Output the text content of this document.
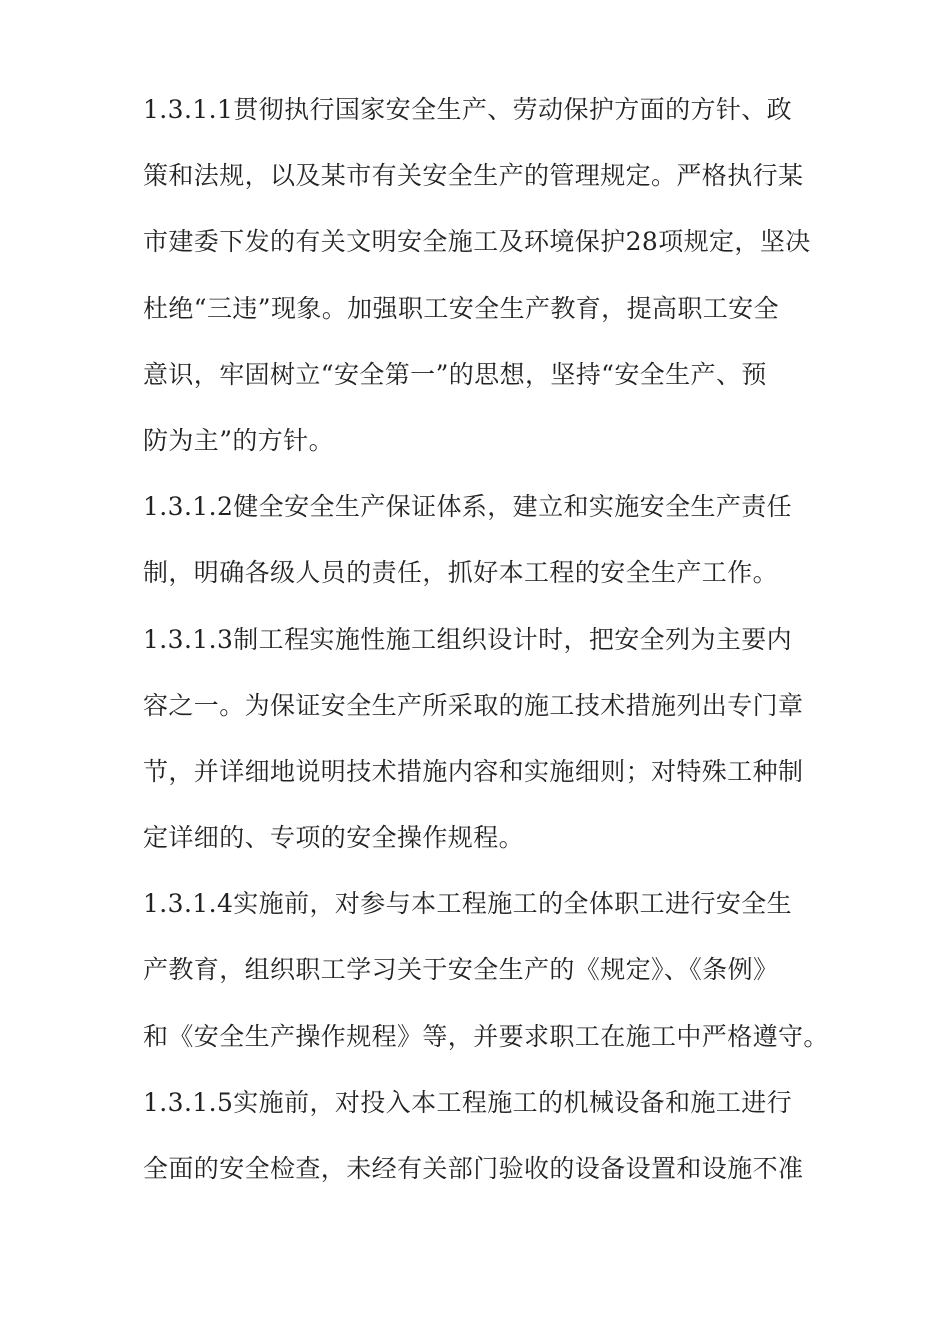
1.3.1.1贯彻执行国家安全生产、劳动保护方面的方针、政
策和法规，以及某市有关安全生产的管理规定。严格执行某
市建委下发的有关文明安全施工及环境保护28项规定，坚决
杜绝“三违”现象。加强职工安全生产教育，提高职工安全
意识，牢固树立“安全第一”的思想，坚持“安全生产、预
防为主”的方针。
1.3.1.2健全安全生产保证体系，建立和实施安全生产责任
制，明确各级人员的责任，抓好本工程的安全生产工作。
1.3.1.3制工程实施性施工组织设计时，把安全列为主要内
容之一。为保证安全生产所采取的施工技术措施列出专门章
节，并详细地说明技术措施内容和实施细则；对特殊工种制
定详细的、专项的安全操作规程。
1.3.1.4实施前，对参与本工程施工的全体职工进行安全生
产教育，组织职工学习关于安全生产的《规定》、《条例》
和《安全生产操作规程》等，并要求职工在施工中严格遵守。
1.3.1.5实施前，对投入本工程施工的机械设备和施工进行
全面的安全检查，未经有关部门验收的设备设置和设施不准
